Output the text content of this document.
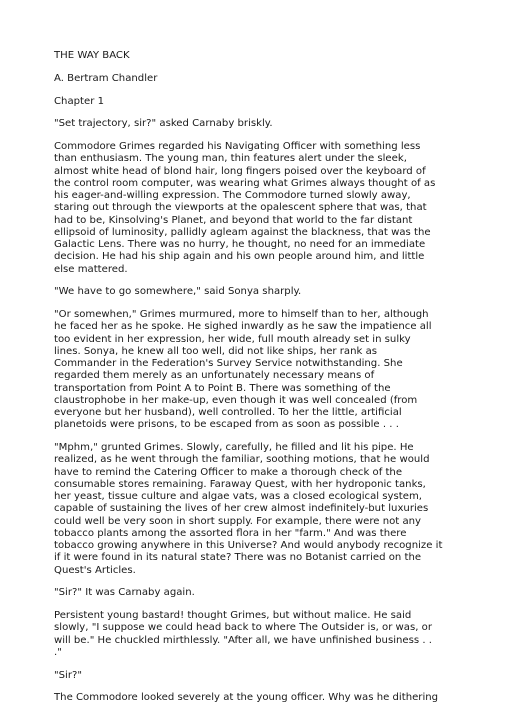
THE WAY BACK

A. Bertram Chandler

Chapter 1

"Set trajectory, sir?" asked Carnaby briskly.

Commodore Grimes regarded his Navigating Officer with something less
than enthusiasm. The young man, thin features alert under the sleek,
almost white head of blond hair, long fingers poised over the keyboard of
the control room computer, was wearing what Grimes always thought of as
his eager-and-willing expression. The Commodore turned slowly away,
staring out through the viewports at the opalescent sphere that was, that
had to be, Kinsolving's Planet, and beyond that world to the far distant
ellipsoid of luminosity, pallidly agleam against the blackness, that was the
Galactic Lens. There was no hurry, he thought, no need for an immediate
decision. He had his ship again and his own people around him, and little
else mattered.

"We have to go somewhere," said Sonya sharply.

"Or somewhen," Grimes murmured, more to himself than to her, although
he faced her as he spoke. He sighed inwardly as he saw the impatience all
too evident in her expression, her wide, full mouth already set in sulky
lines. Sonya, he knew all too well, did not like ships, her rank as
Commander in the Federation's Survey Service notwithstanding. She
regarded them merely as an unfortunately necessary means of
transportation from Point A to Point B. There was something of the
claustrophobe in her make-up, even though it was well concealed (from
everyone but her husband), well controlled. To her the little, artificial
planetoids were prisons, to be escaped from as soon as possible . . .

"Mphm," grunted Grimes. Slowly, carefully, he filled and lit his pipe. He
realized, as he went through the familiar, soothing motions, that he would
have to remind the Catering Officer to make a thorough check of the
consumable stores remaining. Faraway Quest, with her hydroponic tanks,
her yeast, tissue culture and algae vats, was a closed ecological system,
capable of sustaining the lives of her crew almost indefinitely-but luxuries
could well be very soon in short supply. For example, there were not any
tobacco plants among the assorted flora in her "farm." And was there
tobacco growing anywhere in this Universe? And would anybody recognize it
if it were found in its natural state? There was no Botanist carried on the
Quest's Articles.

"Sir?" It was Carnaby again.

Persistent young bastard! thought Grimes, but without malice. He said
slowly, "I suppose we could head back to where The Outsider is, or was, or
will be." He chuckled mirthlessly. "After all, we have unfinished business . .
."

"Sir?"

The Commodore looked severely at the young officer. Why was he dithering
